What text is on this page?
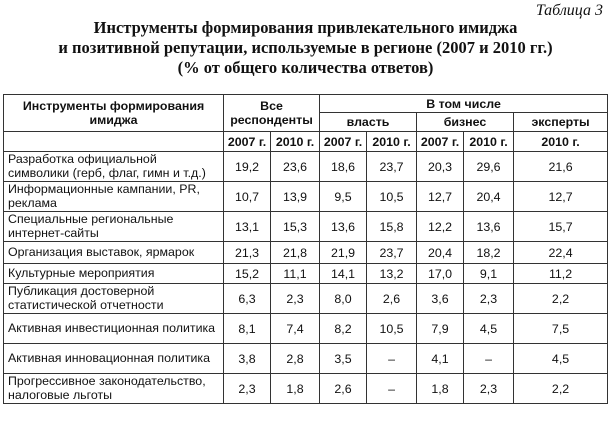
Таблица 3
Инструменты формирования привлекательного имиджа
и позитивной репутации, используемые в регионе (2007 и 2010 гг.)
(% от общего количества ответов)
Инструменты формирования имиджа	Все респонденты		В том числе				
			власть		бизнес		эксперты
	2007 г.	2010 г.	2007 г.	2010 г.	2007 г.	2010 г.	2010 г.
Разработка официальной символики (герб, флаг, гимн и т.д.)	19,2	23,6	18,6	23,7	20,3	29,6	21,6
Информационные кампании, PR, реклама	10,7	13,9	9,5	10,5	12,7	20,4	12,7
Специальные региональные интернет-сайты	13,1	15,3	13,6	15,8	12,2	13,6	15,7
Организация выставок, ярмарок	21,3	21,8	21,9	23,7	20,4	18,2	22,4
Культурные мероприятия	15,2	11,1	14,1	13,2	17,0	9,1	11,2
Публикация достоверной статистической отчетности	6,3	2,3	8,0	2,6	3,6	2,3	2,2
Активная инвестиционная политика	8,1	7,4	8,2	10,5	7,9	4,5	7,5
Активная инновационная политика	3,8	2,8	3,5	–	4,1	–	4,5
Прогрессивное законодательство, налоговые льготы	2,3	1,8	2,6	–	1,8	2,3	2,2
